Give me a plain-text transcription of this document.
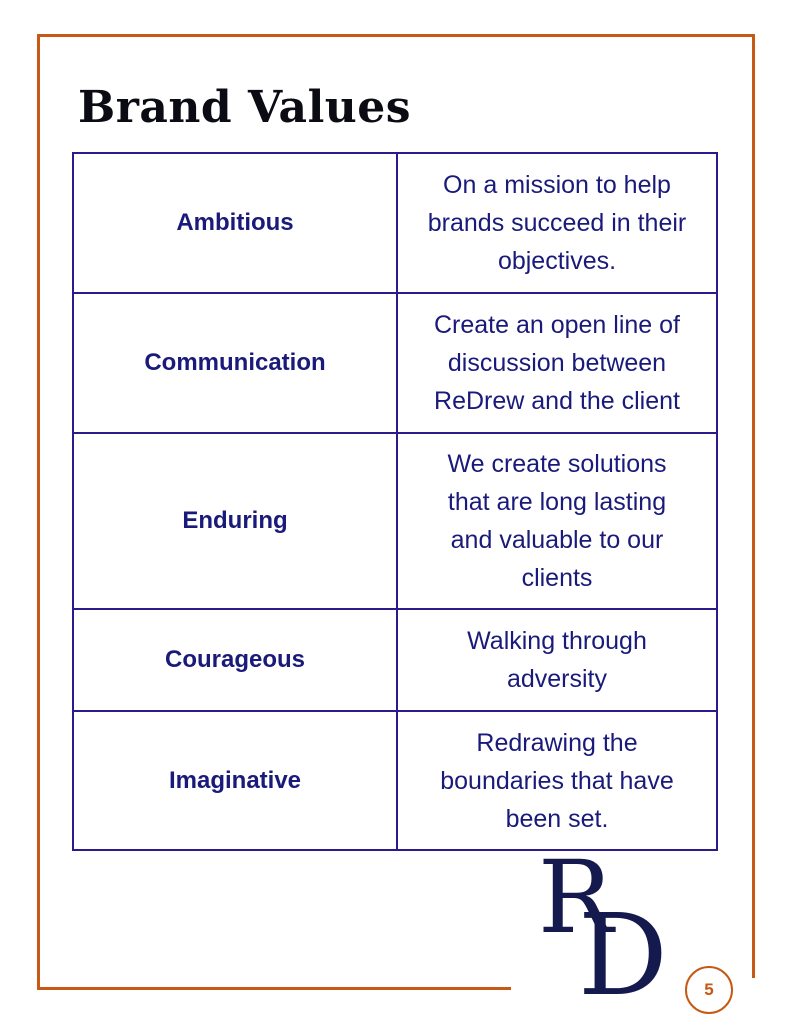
Brand Values
Ambitious	On a mission to help
brands succeed in their
objectives.

Communication	Create an open line of
discussion between
ReDrew and the client

Enduring	We create solutions
that are long lasting
and valuable to our
clients

Courageous	Walking through
adversity

Imaginative	Redrawing the
boundaries that have
been set.
R
D 5
